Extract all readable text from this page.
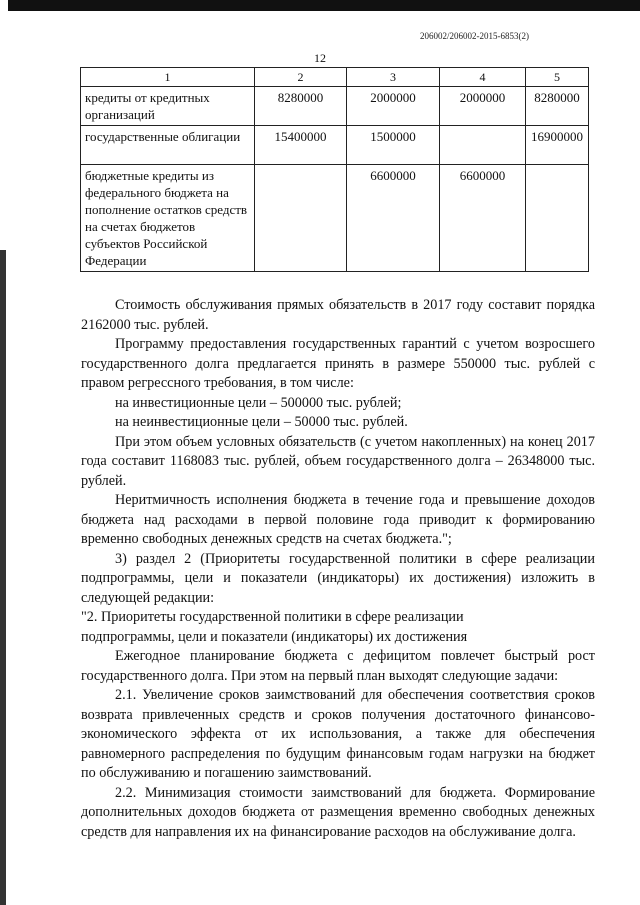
206002/206002-2015-6853(2)
12
1	2	3	4	5
кредиты от кредитных организаций	8280000	2000000	2000000	8280000
государственные облигации	15400000	1500000		16900000
бюджетные кредиты из федерального бюджета на пополнение остатков средств на счетах бюджетов субъектов Российской Федерации		6600000	6600000	

Стоимость обслуживания прямых обязательств в 2017 году составит порядка 2162000 тыс. рублей.

Программу предоставления государственных гарантий с учетом возросшего государственного долга предлагается принять в размере 550000 тыс. рублей с правом регрессного требования, в том числе:

на инвестиционные цели – 500000 тыс. рублей;

на неинвестиционные цели – 50000 тыс. рублей.

При этом объем условных обязательств (с учетом накопленных) на конец 2017 года составит 1168083 тыс. рублей, объем государственного долга – 26348000 тыс. рублей.

Неритмичность исполнения бюджета в течение года и превышение доходов бюджета над расходами в первой половине года приводит к формированию временно свободных денежных средств на счетах бюджета.";

3) раздел 2 (Приоритеты государственной политики в сфере реализации подпрограммы, цели и показатели (индикаторы) их достижения) изложить в следующей редакции:

"2. Приоритеты государственной политики в сфере реализации
подпрограммы, цели и показатели (индикаторы) их достижения

Ежегодное планирование бюджета с дефицитом повлечет быстрый рост государственного долга. При этом на первый план выходят следующие задачи:

2.1. Увеличение сроков заимствований для обеспечения соответствия сроков возврата привлеченных средств и сроков получения достаточного финансово-экономического эффекта от их использования, а также для обеспечения равномерного распределения по будущим финансовым годам нагрузки на бюджет по обслуживанию и погашению заимствований.

2.2. Минимизация стоимости заимствований для бюджета. Формирование дополнительных доходов бюджета от размещения временно свободных денежных средств для направления их на финансирование расходов на обслуживание долга.
